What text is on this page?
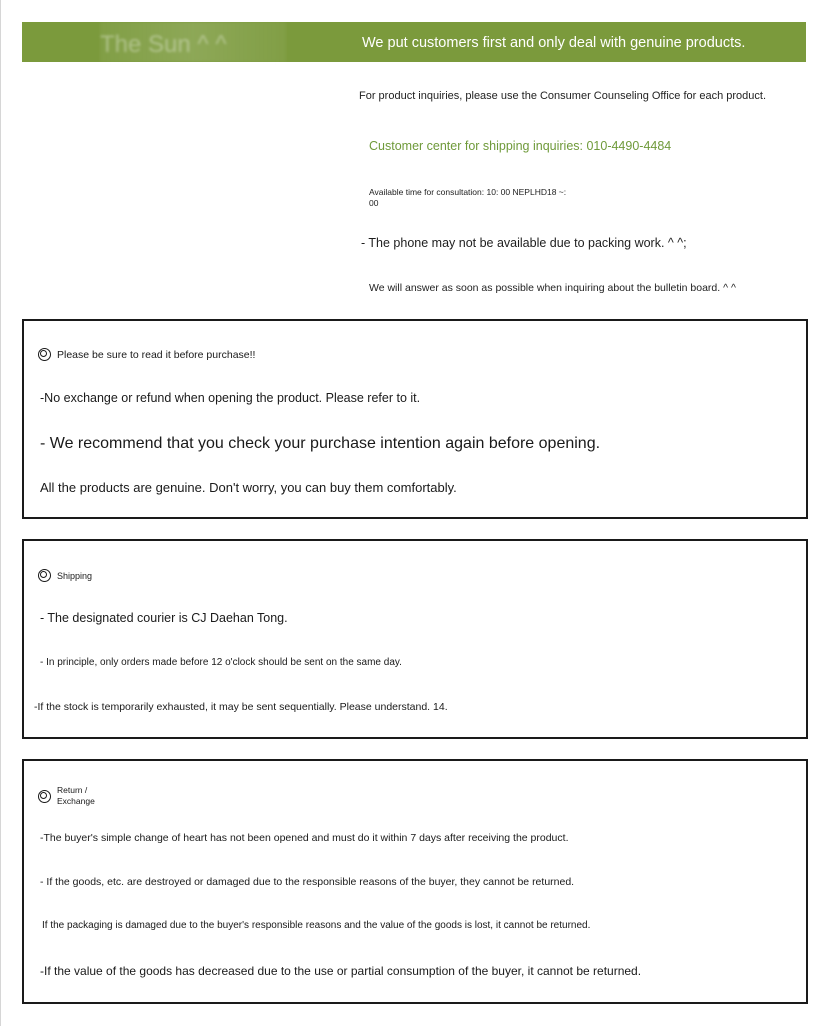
The Sun ^ ^	We put customers first and only deal with genuine products.
For product inquiries, please use the Consumer Counseling Office for each product.
Customer center for shipping inquiries: 010-4490-4484
Available time for consultation: 10: 00 NEPLHD18 ~:
00
- The phone may not be available due to packing work. ^ ^;
We will answer as soon as possible when inquiring about the bulletin board. ^ ^
Please be sure to read it before purchase!!
-No exchange or refund when opening the product. Please refer to it.
- We recommend that you check your purchase intention again before opening.
All the products are genuine. Don't worry, you can buy them comfortably.
Shipping
- The designated courier is CJ Daehan Tong.
- In principle, only orders made before 12 o'clock should be sent on the same day.
-If the stock is temporarily exhausted, it may be sent sequentially. Please understand. 14.
Return / Exchange
-The buyer's simple change of heart has not been opened and must do it within 7 days after receiving the product.
- If the goods, etc. are destroyed or damaged due to the responsible reasons of the buyer, they cannot be returned.
If the packaging is damaged due to the buyer's responsible reasons and the value of the goods is lost, it cannot be returned.
-If the value of the goods has decreased due to the use or partial consumption of the buyer, it cannot be returned.
